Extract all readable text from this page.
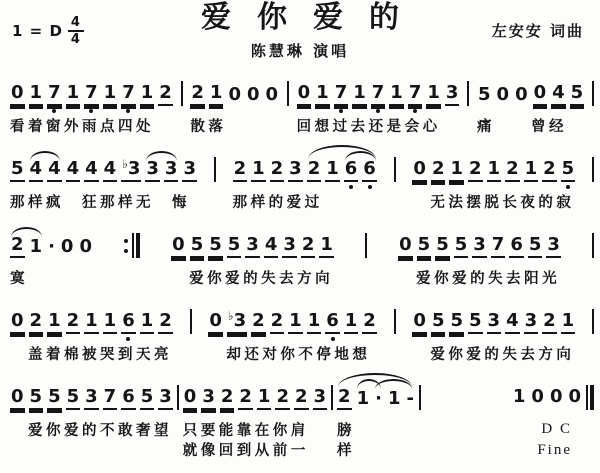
1 = D $\frac{4}{4}$	爱你爱的	左安安 词曲
陈慧琳 演唱
0 1 7 1 7 1 7 1 2
看着窗外雨点四处
2 1 0 0 0
散落
0 1 7 1 7 1 7 1 3
回想过去还是会心
5 0 0 0 4 5
痛　　曾经
5 4 4 4 4 4 ♭3 3 3 3
那样疯　狂那样无　悔
2 1 2 3 2 1 6 6
那样的爱过
0 2 1 2 1 2 1 2 5
　无法摆脱长夜的寂
2 1 · 0 0
寞
0 5 5 5 3 4 3 2 1
　爱你爱的失去方向
0 5 5 5 3 7 6 5 3
　爱你爱的失去阳光
0 2 1 2 1 1 6 1 2
　盖着棉被哭到天亮
0 ♭3 2 2 1 1 6 1 2
　却还对你不停地想
0 5 5 5 3 4 3 2 1
　爱你爱的失去方向
0 5 5 5 3 7 6 5 3
　爱你爱的不敢奢望
0 3 2 2 1 2 2 3
只要能靠在你肩
就像回到从前一
2 1 · 1 -
膀
样
1 0 0 0
D C
Fine
